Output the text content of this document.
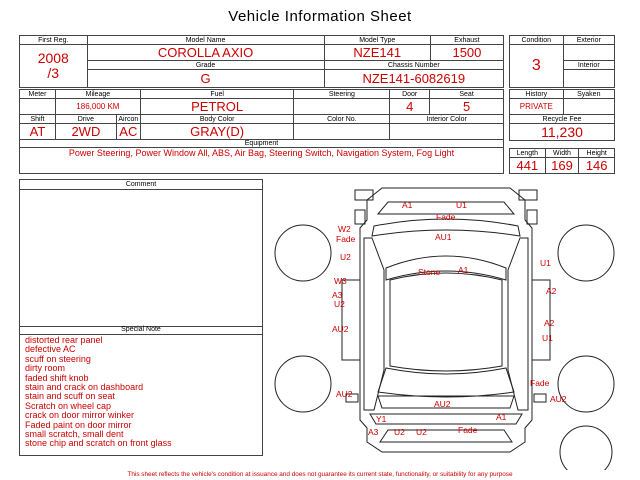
Vehicle Information Sheet
First Reg.	Model Name	Model Type	Exhaust

2008
/3	COROLLA AXIO	NZE141	1500
	Grade	Chassis Number	
	G	NZE141-6082619	
Condition	Exterior
3	
	Interior

Meter	Mileage		Fuel	Steering	Door	Seat
	186,000 KM		PETROL		4	5
Shift	Drive	Aircon	Body Color	Color No.	Interior Color	
AT	2WD	AC	GRAY(D)			
History	Syaken
PRIVATE	
Recycle Fee	
11,230	
Equipment
Power Steering, Power Window All, ABS, Air Bag, Steering Switch, Navigation System, Fog Light	Length	Width	Height
441	169	146
Comment
Special Note
distorted rear panel
defective AC
scuff on steering
dirty room
faded shift knob
stain and crack on dashboard
stain and scuff on seat
Scratch on wheel cap
crack on door mirror winker
Faded paint on door mirror
small scratch, small dent
stone chip and scratch on front glass
A1	U1
Fade
W2
Fade	AU1
U2
U1
Stone A1
W3
A3
U2
A2
AU2
A2
U1
Fade
AU2	AU2
AU2
Y1	A1
A3 U2 U2	Fade
This sheet reflects the vehicle's condition at issuance and does not guarantee its current state, functionality, or suitability for any purpose
